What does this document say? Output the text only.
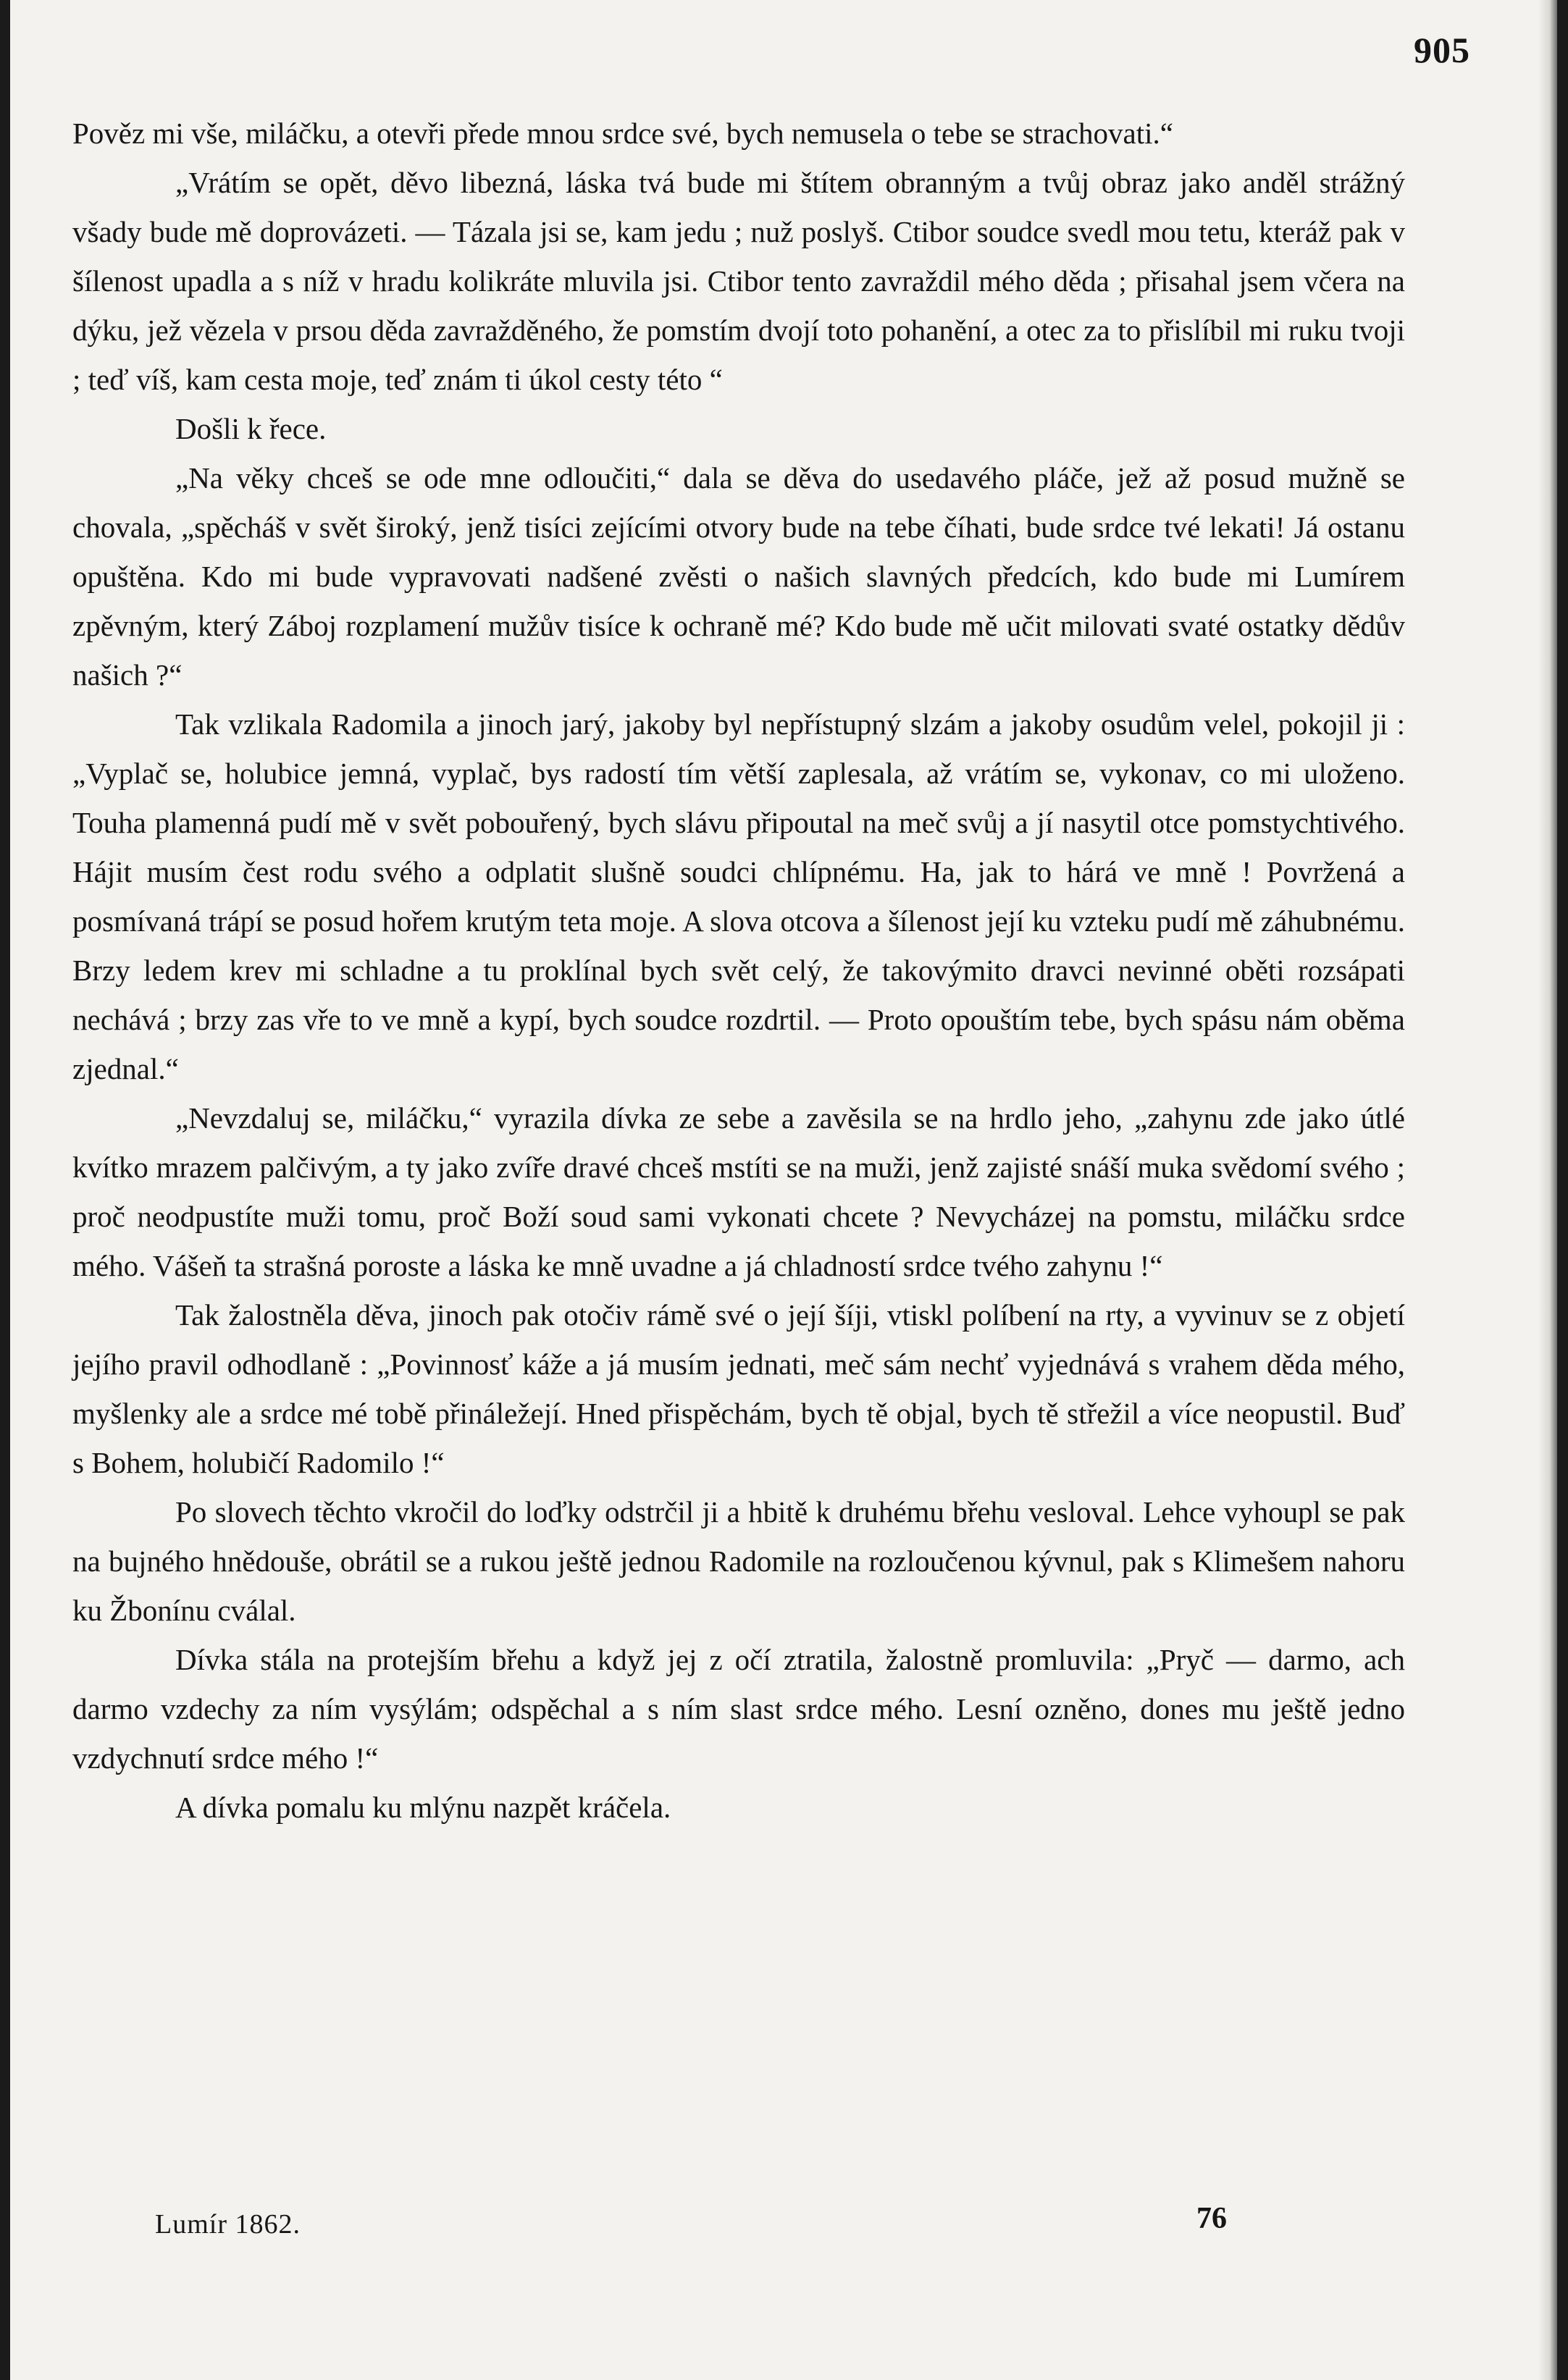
905

Pověz mi vše, miláčku, a otevři přede mnou srdce své, bych nemusela o tebe se strachovati.“

„Vrátím se opět, děvo libezná, láska tvá bude mi štítem obranným a tvůj obraz jako anděl strážný všady bude mě doprovázeti. — Tázala jsi se, kam jedu ; nuž poslyš. Ctibor soudce svedl mou tetu, kteráž pak v šílenost upadla a s níž v hradu kolikráte mluvila jsi. Ctibor tento zavraždil mého děda ; přisahal jsem včera na dýku, jež vězela v prsou děda zavražděného, že pomstím dvojí toto pohanění, a otec za to přislíbil mi ruku tvoji ; teď víš, kam cesta moje, teď znám ti úkol cesty této “

Došli k řece.

„Na věky chceš se ode mne odloučiti,“ dala se děva do usedavého pláče, jež až posud mužně se chovala, „spěcháš v svět široký, jenž tisíci zejícími otvory bude na tebe číhati, bude srdce tvé lekati! Já ostanu opuštěna. Kdo mi bude vypravovati nadšené zvěsti o našich slavných předcích, kdo bude mi Lumírem zpěvným, který Záboj rozplamení mužův tisíce k ochraně mé? Kdo bude mě učit milovati svaté ostatky dědův našich ?“

Tak vzlikala Radomila a jinoch jarý, jakoby byl nepřístupný slzám a jakoby osudům velel, pokojil ji : „Vyplač se, holubice jemná, vyplač, bys radostí tím větší zaplesala, až vrátím se, vykonav, co mi uloženo. Touha plamenná pudí mě v svět pobouřený, bych slávu připoutal na meč svůj a jí nasytil otce pomstychtivého. Hájit musím čest rodu svého a odplatit slušně soudci chlípnému. Ha, jak to hárá ve mně ! Povržená a posmívaná trápí se posud hořem krutým teta moje. A slova otcova a šílenost její ku vzteku pudí mě záhubnému. Brzy ledem krev mi schladne a tu proklínal bych svět celý, že takovýmito dravci nevinné oběti rozsápati nechává ; brzy zas vře to ve mně a kypí, bych soudce rozdrtil. — Proto opouštím tebe, bych spásu nám oběma zjednal.“

„Nevzdaluj se, miláčku,“ vyrazila dívka ze sebe a zavěsila se na hrdlo jeho, „zahynu zde jako útlé kvítko mrazem palčivým, a ty jako zvíře dravé chceš mstíti se na muži, jenž zajisté snáší muka svědomí svého ; proč neodpustíte muži tomu, proč Boží soud sami vykonati chcete ? Nevycházej na pomstu, miláčku srdce mého. Vášeň ta strašná poroste a láska ke mně uvadne a já chladností srdce tvého zahynu !“

Tak žalostněla děva, jinoch pak otočiv rámě své o její šíji, vtiskl políbení na rty, a vyvinuv se z objetí jejího pravil odhodlaně : „Povinnosť káže a já musím jednati, meč sám nechť vyjednává s vrahem děda mého, myšlenky ale a srdce mé tobě přináležejí. Hned přispěchám, bych tě objal, bych tě střežil a více neopustil. Buď s Bohem, holubičí Radomilo !“

Po slovech těchto vkročil do loďky odstrčil ji a hbitě k druhému břehu vesloval. Lehce vyhoupl se pak na bujného hnědouše, obrátil se a rukou ještě jednou Radomile na rozloučenou kývnul, pak s Klimešem nahoru ku Žbonínu cválal.

Dívka stála na protejším břehu a když jej z očí ztratila, žalostně promluvila: „Pryč — darmo, ach darmo vzdechy za ním vysýlám; odspěchal a s ním slast srdce mého. Lesní ozněno, dones mu ještě jedno vzdychnutí srdce mého !“

A dívka pomalu ku mlýnu nazpět kráčela.

Lumír 1862.	76
